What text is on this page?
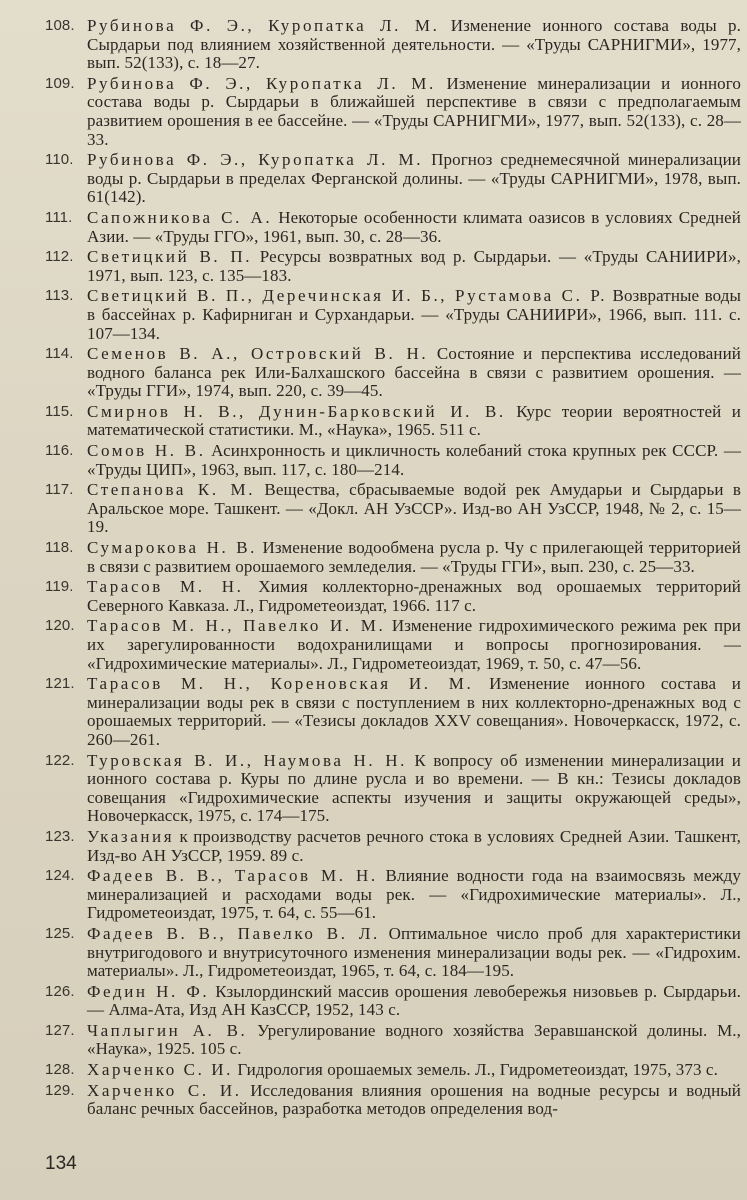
108. Рубинова Ф. Э., Куропатка Л. М. Изменение ионного состава воды р. Сырдарьи под влиянием хозяйственной деятельности. — «Труды САРНИГМИ», 1977, вып. 52(133), с. 18—27.
109. Рубинова Ф. Э., Куропатка Л. М. Изменение минерализации и ионного состава воды р. Сырдарьи в ближайшей перспективе в связи с предполагаемым развитием орошения в ее бассейне. — «Труды САРНИГМИ», 1977, вып. 52(133), с. 28—33.
110. Рубинова Ф. Э., Куропатка Л. М. Прогноз среднемесячной минерализации воды р. Сырдарьи в пределах Ферганской долины. — «Труды САРНИГМИ», 1978, вып. 61(142).
111. Сапожникова С. А. Некоторые особенности климата оазисов в условиях Средней Азии. — «Труды ГГО», 1961, вып. 30, с. 28—36.
112. Светицкий В. П. Ресурсы возвратных вод р. Сырдарьи. — «Труды САНИИРИ», 1971, вып. 123, с. 135—183.
113. Светицкий В. П., Деречинская И. Б., Рустамова С. Р. Возвратные воды в бассейнах р. Кафирниган и Сурхандарьи. — «Труды САНИИРИ», 1966, вып. 111. с. 107—134.
114. Семенов В. А., Островский В. Н. Состояние и перспектива исследований водного баланса рек Или-Балхашского бассейна в связи с развитием орошения. — «Труды ГГИ», 1974, вып. 220, с. 39—45.
115. Смирнов Н. В., Дунин-Барковский И. В. Курс теории вероятностей и математической статистики. М., «Наука», 1965. 511 с.
116. Сомов Н. В. Асинхронность и цикличность колебаний стока крупных рек СССР. — «Труды ЦИП», 1963, вып. 117, с. 180—214.
117. Степанова К. М. Вещества, сбрасываемые водой рек Амударьи и Сырдарьи в Аральское море. Ташкент. — «Докл. АН УзССР». Изд-во АН УзССР, 1948, № 2, с. 15—19.
118. Сумарокова Н. В. Изменение водообмена русла р. Чу с прилегающей территорией в связи с развитием орошаемого земледелия. — «Труды ГГИ», вып. 230, с. 25—33.
119. Тарасов М. Н. Химия коллекторно-дренажных вод орошаемых территорий Северного Кавказа. Л., Гидрометеоиздат, 1966. 117 с.
120. Тарасов М. Н., Павелко И. М. Изменение гидрохимического режима рек при их зарегулированности водохранилищами и вопросы прогнозирования. — «Гидрохимические материалы». Л., Гидрометеоиздат, 1969, т. 50, с. 47—56.
121. Тарасов М. Н., Кореновская И. М. Изменение ионного состава и минерализации воды рек в связи с поступлением в них коллекторно-дренажных вод с орошаемых территорий. — «Тезисы докладов XXV совещания». Новочеркасск, 1972, с. 260—261.
122. Туровская В. И., Наумова Н. Н. К вопросу об изменении минерализации и ионного состава р. Куры по длине русла и во времени. — В кн.: Тезисы докладов совещания «Гидрохимические аспекты изучения и защиты окружающей среды», Новочеркасск, 1975, с. 174—175.
123. Указания к производству расчетов речного стока в условиях Средней Азии. Ташкент, Изд-во АН УзССР, 1959. 89 с.
124. Фадеев В. В., Тарасов М. Н. Влияние водности года на взаимосвязь между минерализацией и расходами воды рек. — «Гидрохимические материалы». Л., Гидрометеоиздат, 1975, т. 64, с. 55—61.
125. Фадеев В. В., Павелко В. Л. Оптимальное число проб для характеристики внутригодового и внутрисуточного изменения минерализации воды рек. — «Гидрохим. материалы». Л., Гидрометеоиздат, 1965, т. 64, с. 184—195.
126. Федин Н. Ф. Кзылординский массив орошения левобережья низовьев р. Сырдарьи. — Алма-Ата, Изд АН КазССР, 1952, 143 с.
127. Чаплыгин А. В. Урегулирование водного хозяйства Зеравшанской долины. М., «Наука», 1925. 105 с.
128. Харченко С. И. Гидрология орошаемых земель. Л., Гидрометеоиздат, 1975, 373 с.
129. Харченко С. И. Исследования влияния орошения на водные ресурсы и водный баланс речных бассейнов, разработка методов определения вод-
134
